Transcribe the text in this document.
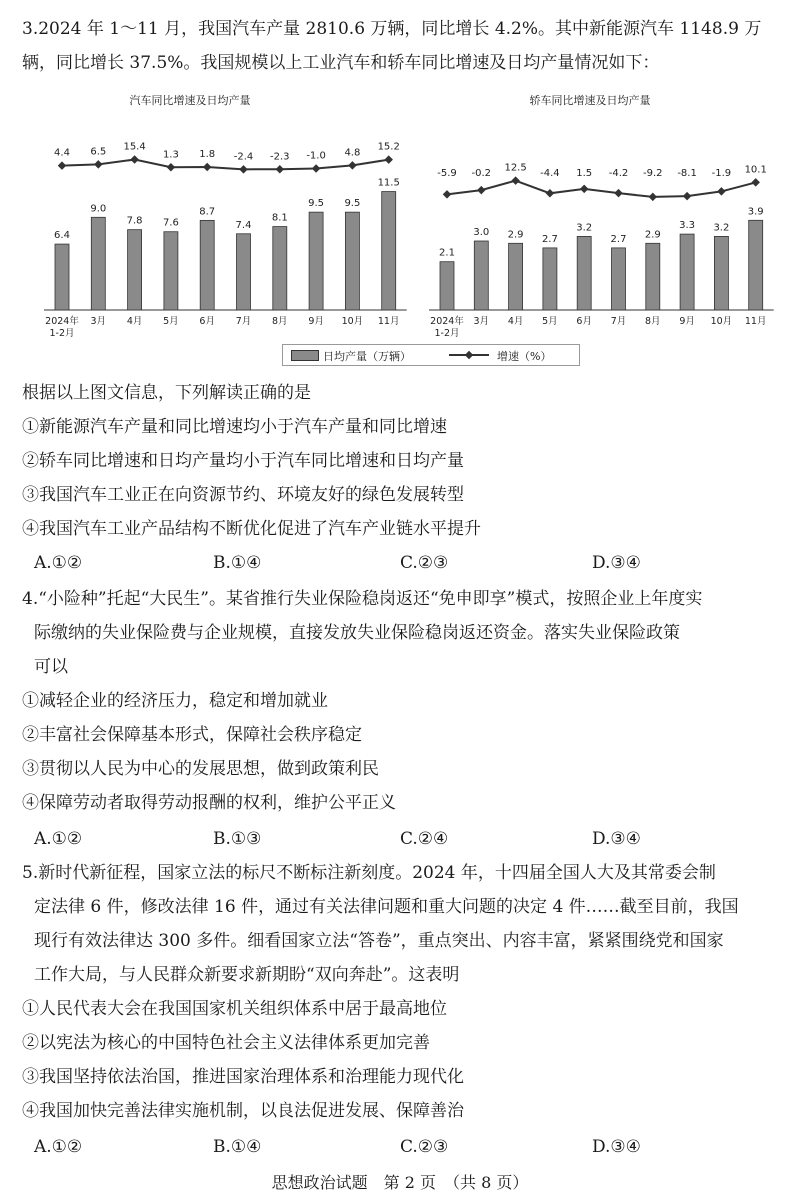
3.2024 年 1～11 月，我国汽车产量 2810.6 万辆，同比增长 4.2%。其中新能源汽车 1148.9 万
辆，同比增长 37.5%。我国规模以上工业汽车和轿车同比增速及日均产量情况如下：
汽车同比增速及日均产量	轿车同比增速及日均产量
6.4
4.4
2024年
1-2月
9.0
6.5
3月
7.8
15.4
4月
7.6
1.3
5月
8.7
1.8
6月
7.4
-2.4
7月
8.1
-2.3
8月
9.5
-1.0
9月
9.5
4.8
10月
11.5
15.2
11月
2.1
-5.9
2024年
1-2月
3.0
-0.2
3月
2.9
12.5
4月
2.7
-4.4
5月
3.2
1.5
6月
2.7
-4.2
7月
2.9
-9.2
8月
3.3
-8.1
9月
3.2
-1.9
10月
3.9
10.1
11月
日均产量（万辆）	增速（%）
根据以上图文信息，下列解读正确的是
①新能源汽车产量和同比增速均小于汽车产量和同比增速
②轿车同比增速和日均产量均小于汽车同比增速和日均产量
③我国汽车工业正在向资源节约、环境友好的绿色发展转型
④我国汽车工业产品结构不断优化促进了汽车产业链水平提升
A.①②	B.①④	C.②③	D.③④
4.“小险种”托起“大民生”。某省推行失业保险稳岗返还“免申即享”模式，按照企业上年度实
际缴纳的失业保险费与企业规模，直接发放失业保险稳岗返还资金。落实失业保险政策
可以
①减轻企业的经济压力，稳定和增加就业
②丰富社会保障基本形式，保障社会秩序稳定
③贯彻以人民为中心的发展思想，做到政策利民
④保障劳动者取得劳动报酬的权利，维护公平正义
A.①②	B.①③	C.②④	D.③④
5.新时代新征程，国家立法的标尺不断标注新刻度。2024 年，十四届全国人大及其常委会制
定法律 6 件，修改法律 16 件，通过有关法律问题和重大问题的决定 4 件……截至目前，我国
现行有效法律达 300 多件。细看国家立法“答卷”，重点突出、内容丰富，紧紧围绕党和国家
工作大局，与人民群众新要求新期盼“双向奔赴”。这表明
①人民代表大会在我国国家机关组织体系中居于最高地位
②以宪法为核心的中国特色社会主义法律体系更加完善
③我国坚持依法治国，推进国家治理体系和治理能力现代化
④我国加快完善法律实施机制，以良法促进发展、保障善治
A.①②	B.①④	C.②③	D.③④
思想政治试题　第 2 页　（共 8 页）
